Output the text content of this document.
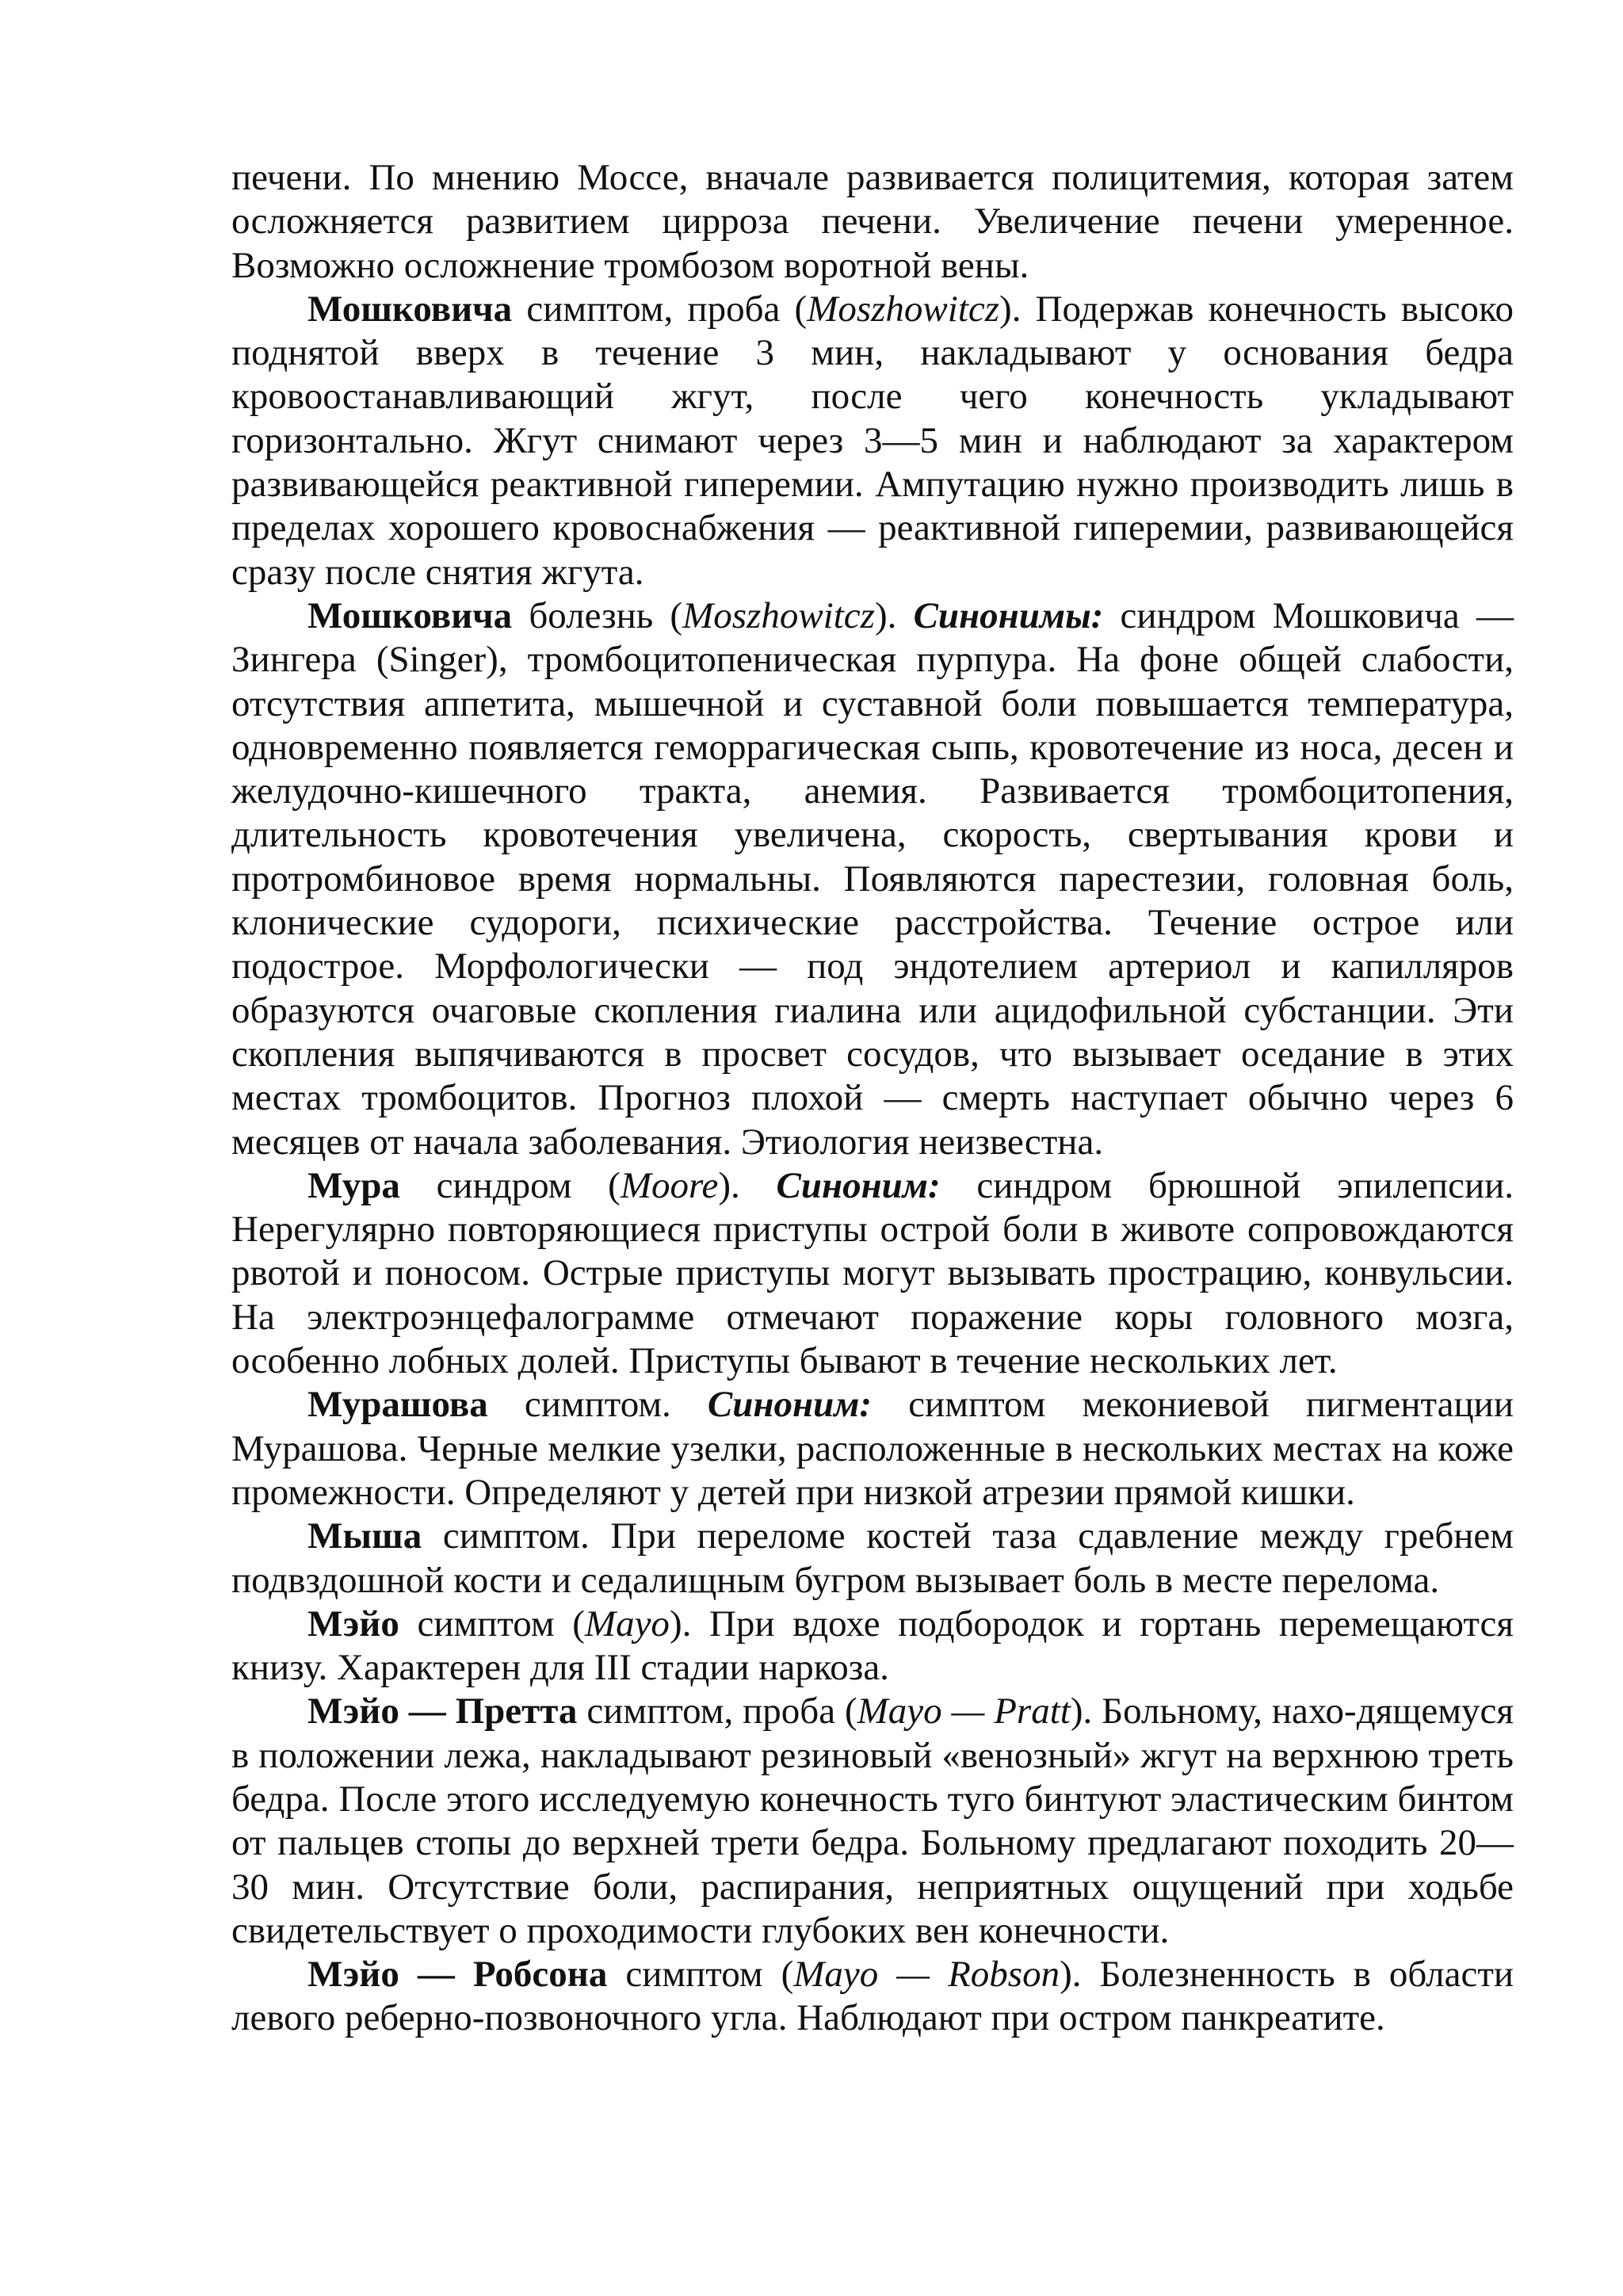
печени. По мнению Моссе, вначале развивается полицитемия, которая затем осложняется развитием цирроза печени. Увеличение печени умеренное. Возможно осложнение тромбозом воротной вены.

Мошковича симптом, проба (Moszhowitcz). Подержав конечность высоко поднятой вверх в течение 3 мин, накладывают у основания бедра кровоостанавливающий жгут, после чего конечность укладывают горизонтально. Жгут снимают через 3—5 мин и наблюдают за характером развивающейся реактивной гиперемии. Ампутацию нужно производить лишь в пределах хорошего кровоснабжения — реактивной гиперемии, развивающейся сразу после снятия жгута.

Мошковича болезнь (Moszhowitcz). Синонимы: синдром Мошковича — Зингера (Singer), тромбоцитопеническая пурпура. На фоне общей слабости, отсутствия аппетита, мышечной и суставной боли повышается температура, одновременно появляется геморрагическая сыпь, кровотечение из носа, десен и желудочно-кишечного тракта, анемия. Развивается тромбоцитопения, длительность кровотечения увеличена, скорость, свертывания крови и протромбиновое время нормальны. Появляются парестезии, головная боль, клонические судороги, психические расстройства. Течение острое или подострое. Морфологически — под эндотелием артериол и капилляров образуются очаговые скопления гиалина или ацидофильной субстанции. Эти скопления выпячиваются в просвет сосудов, что вызывает оседание в этих местах тромбоцитов. Прогноз плохой — смерть наступает обычно через 6 месяцев от начала заболевания. Этиология неизвестна.

Мура синдром (Moore). Синоним: синдром брюшной эпилепсии. Нерегулярно повторяющиеся приступы острой боли в животе сопровождаются рвотой и поносом. Острые приступы могут вызывать прострацию, конвульсии. На электроэнцефалограмме отмечают поражение коры головного мозга, особенно лобных долей. Приступы бывают в течение нескольких лет.

Мурашова симптом. Синоним: симптом мекониевой пигментации Мурашова. Черные мелкие узелки, расположенные в нескольких местах на коже промежности. Определяют у детей при низкой атрезии прямой кишки.

Мыша симптом. При переломе костей таза сдавление между гребнем подвздошной кости и седалищным бугром вызывает боль в месте перелома.

Мэйо симптом (Mayo). При вдохе подбородок и гортань перемещаются книзу. Характерен для III стадии наркоза.

Мэйо — Претта симптом, проба (Mayo — Pratt). Больному, нахо-дящемуся в положении лежа, накладывают резиновый «венозный» жгут на верхнюю треть бедра. После этого исследуемую конечность туго бинтуют эластическим бинтом от пальцев стопы до верхней трети бедра. Больному предлагают походить 20—30 мин. Отсутствие боли, распирания, неприятных ощущений при ходьбе свидетельствует о проходимости глубоких вен конечности.

Мэйо — Робсона симптом (Mayo — Robson). Болезненность в области левого реберно-позвоночного угла. Наблюдают при остром панкреатите.
